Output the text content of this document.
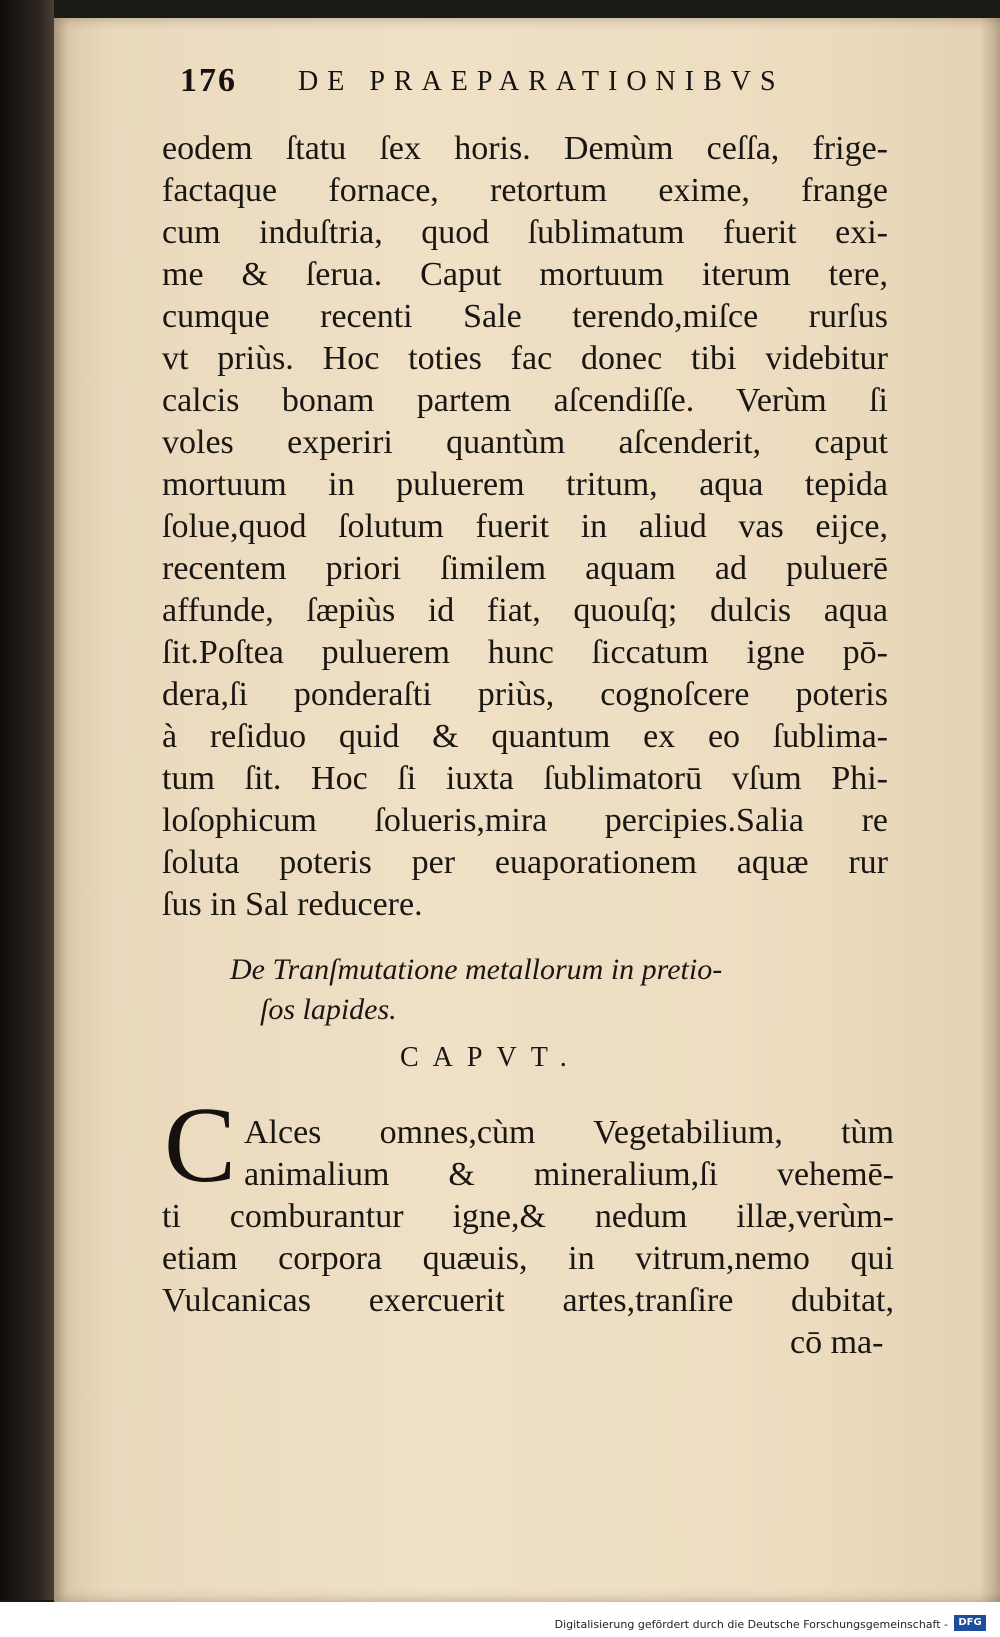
176 DE PRAEPARATIONIBVS
eodem ſtatu ſex horis. Demùm ceſſa, frige-
factaque fornace, retortum exime, frange
cum induſtria, quod ſublimatum fuerit exi-
me & ſerua. Caput mortuum iterum tere,
cumque recenti Sale terendo,miſce rurſus
vt priùs. Hoc toties fac donec tibi videbitur
calcis bonam partem aſcendiſſe. Verùm ſi
voles experiri quantùm aſcenderit, caput
mortuum in puluerem tritum, aqua tepida
ſolue,quod ſolutum fuerit in aliud vas eijce,
recentem priori ſimilem aquam ad puluerē
affunde, ſæpiùs id fiat, quouſq; dulcis aqua
ſit.Poſtea puluerem hunc ſiccatum igne pō-
dera,ſi ponderaſti priùs, cognoſcere poteris
à reſiduo quid & quantum ex eo ſublima-
tum ſit. Hoc ſi iuxta ſublimatorū vſum Phi-
loſophicum ſolueris,mira percipies.Salia re
ſoluta poteris per euaporationem aquæ rur
ſus in Sal reducere.
De Tranſmutatione metallorum in pretio-
ſos lapides.
CAPVT.
C Alces omnes,cùm Vegetabilium, tùm
animalium & mineralium,ſi vehemē-
ti comburantur igne,& nedum illæ,verùm-
etiam corpora quæuis, in vitrum,nemo qui
Vulcanicas exercuerit artes,tranſire dubitat,
cō ma-
Digitalisierung gefördert durch die Deutsche Forschungsgemeinschaft -	DFG
